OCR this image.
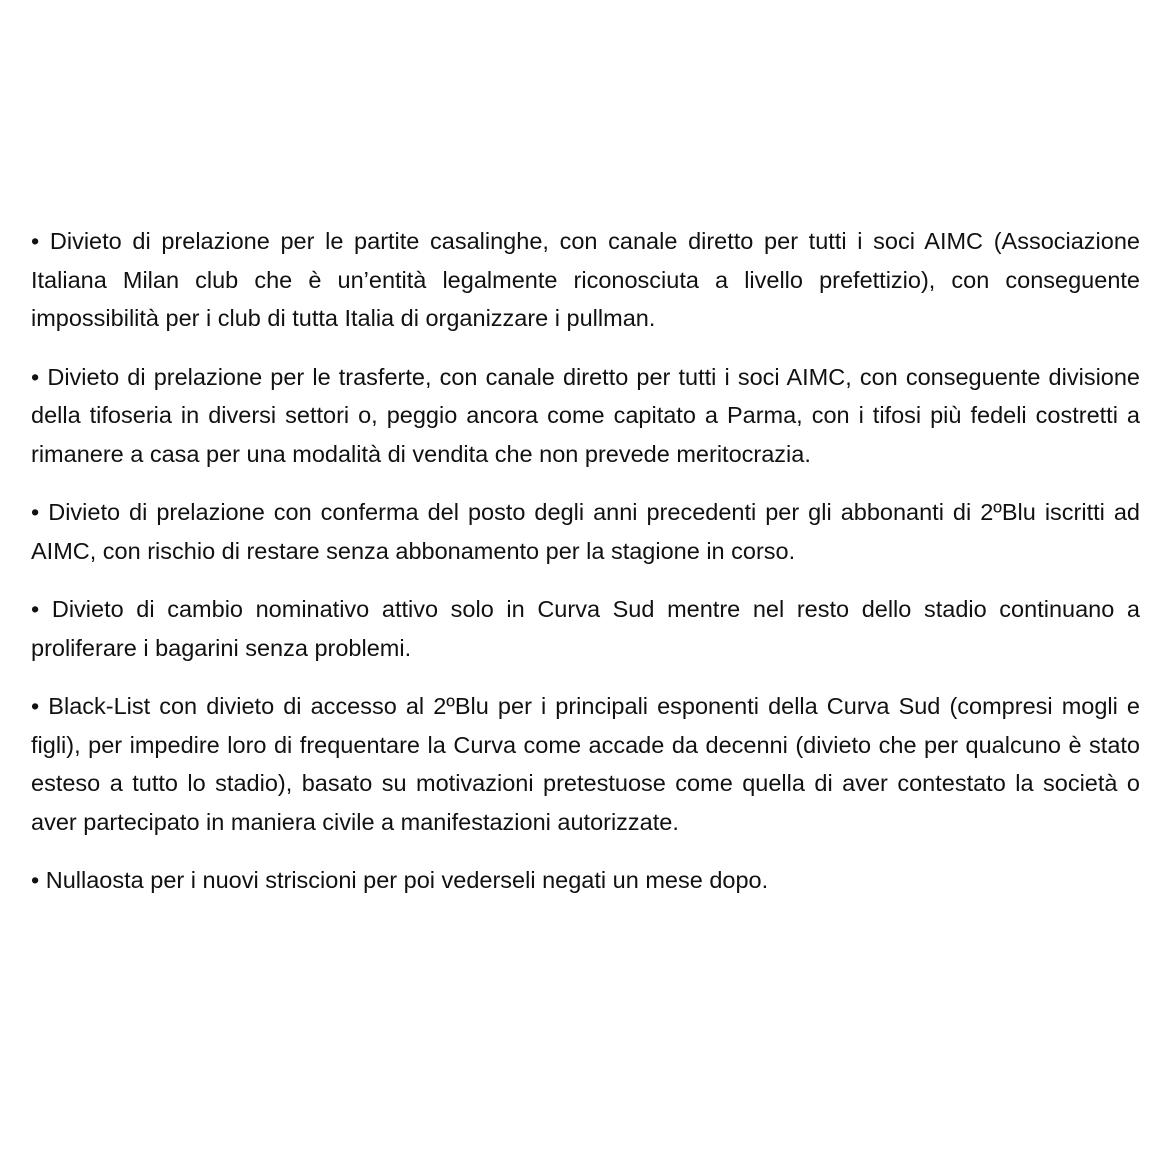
• Divieto di prelazione per le partite casalinghe, con canale diretto per tutti i soci AIMC (Associazione Italiana Milan club che è un’entità legalmente riconosciuta a livello prefettizio), con conseguente impossibilità per i club di tutta Italia di organizzare i pullman.

• Divieto di prelazione per le trasferte, con canale diretto per tutti i soci AIMC, con conseguente divisione della tifoseria in diversi settori o, peggio ancora come capitato a Parma, con i tifosi più fedeli costretti a rimanere a casa per una modalità di vendita che non prevede meritocrazia.

• Divieto di prelazione con conferma del posto degli anni precedenti per gli abbonanti di 2ºBlu iscritti ad AIMC, con rischio di restare senza abbonamento per la stagione in corso.

• Divieto di cambio nominativo attivo solo in Curva Sud mentre nel resto dello stadio continuano a proliferare i bagarini senza problemi.

• Black-List con divieto di accesso al 2ºBlu per i principali esponenti della Curva Sud (compresi mogli e figli), per impedire loro di frequentare la Curva come accade da decenni (divieto che per qualcuno è stato esteso a tutto lo stadio), basato su motivazioni pretestuose come quella di aver contestato la società o aver partecipato in maniera civile a manifestazioni autorizzate.

• Nullaosta per i nuovi striscioni per poi vederseli negati un mese dopo.
